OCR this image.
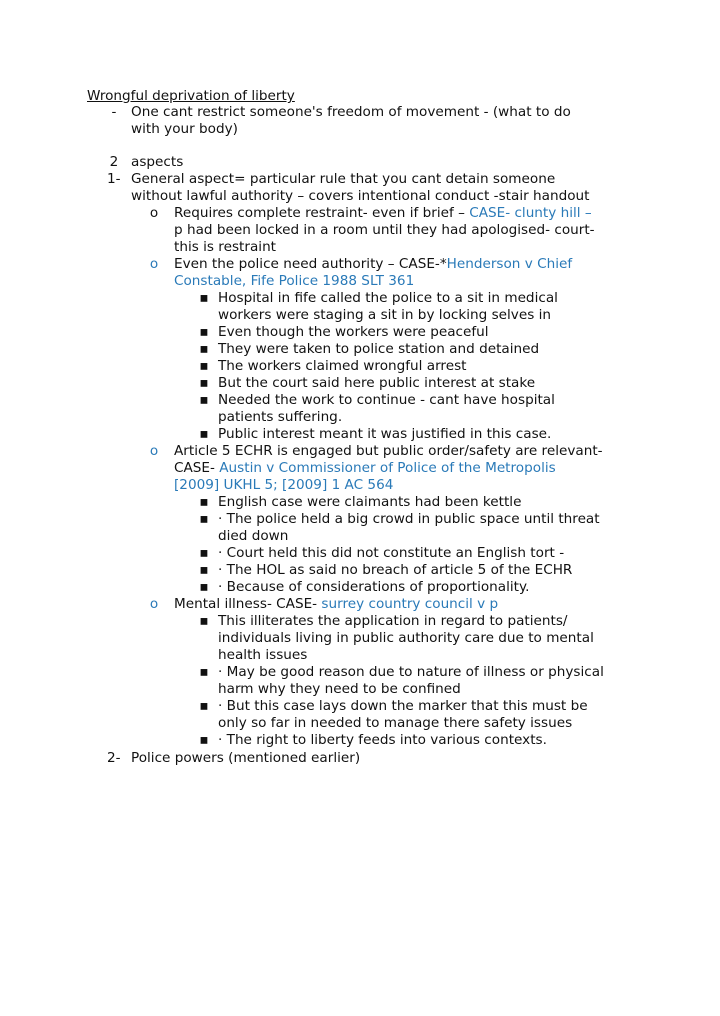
Wrongful deprivation of liberty
-	One cant restrict someone's freedom of movement - (what to do
with your body)
2 aspects
1- General aspect= particular rule that you cant detain someone
without lawful authority – covers intentional conduct -stair handout
o Requires complete restraint- even if brief – CASE- clunty hill –
p had been locked in a room until they had apologised- court-
this is restraint
o Even the police need authority – CASE-*Henderson v Chief
Constable, Fife Police 1988 SLT 361
▪ Hospital in fife called the police to a sit in medical
workers were staging a sit in by locking selves in
▪ Even though the workers were peaceful
▪ They were taken to police station and detained
▪ The workers claimed wrongful arrest
▪ But the court said here public interest at stake
▪ Needed the work to continue - cant have hospital
patients suffering.
▪ Public interest meant it was justified in this case.
o Article 5 ECHR is engaged but public order/safety are relevant-
CASE- Austin v Commissioner of Police of the Metropolis
[2009] UKHL 5; [2009] 1 AC 564
▪ English case were claimants had been kettle
▪ · The police held a big crowd in public space until threat
died down
▪ · Court held this did not constitute an English tort -
▪ · The HOL as said no breach of article 5 of the ECHR
▪ · Because of considerations of proportionality.
o Mental illness- CASE- surrey country council v p
▪ This illiterates the application in regard to patients/
individuals living in public authority care due to mental
health issues
▪ · May be good reason due to nature of illness or physical
harm why they need to be confined
▪ · But this case lays down the marker that this must be
only so far in needed to manage there safety issues
▪ · The right to liberty feeds into various contexts.
2- Police powers (mentioned earlier)
